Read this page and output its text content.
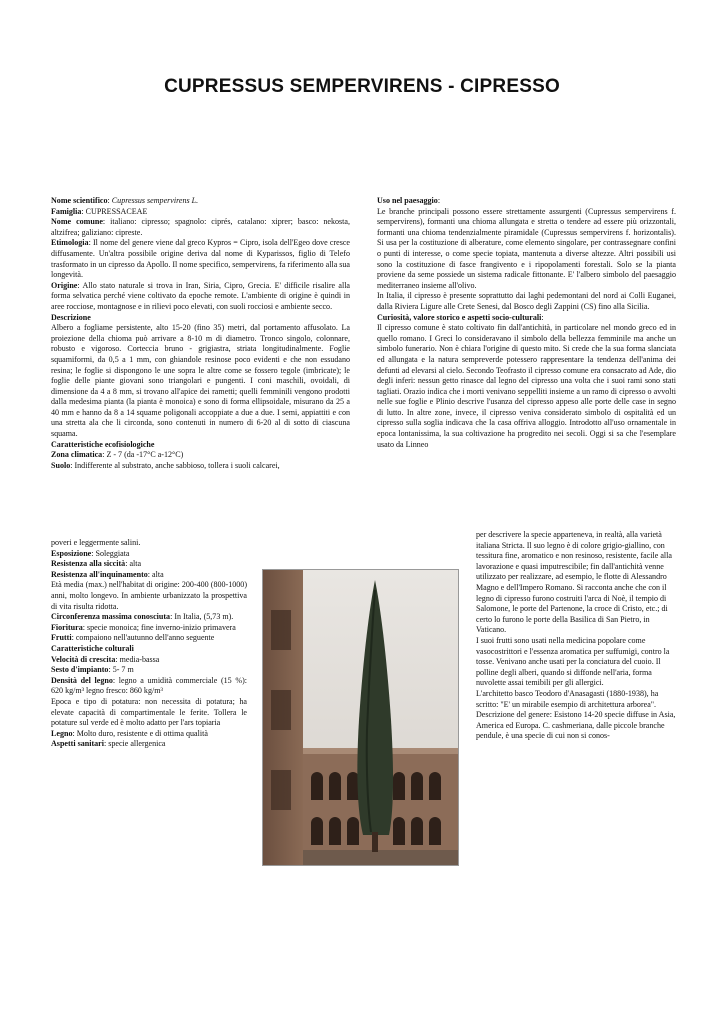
CUPRESSUS SEMPERVIRENS - CIPRESSO

Nome scientifico: Cupressus sempervirens L.

Famiglia: CUPRESSACEAE

Nome comune: italiano: cipresso; spagnolo: ciprés, catalano: xiprer; basco: nekosta, altzifrea; galiziano: cipreste.

Etimologia: Il nome del genere viene dal greco Kypros = Cipro, isola dell'Egeo dove cresce diffusamente. Un'altra possibile origine deriva dal nome di Kyparissos, figlio di Telefo trasformato in un cipresso da Apollo. Il nome specifico, sempervirens, fa riferimento alla sua longevità.

Origine: Allo stato naturale si trova in Iran, Siria, Cipro, Grecia. E' difficile risalire alla forma selvatica perché viene coltivato da epoche remote. L'ambiente di origine è quindi in aree rocciose, montagnose e in rilievi poco elevati, con suoli rocciosi e ambiente secco.

Descrizione

Albero a fogliame persistente, alto 15-20 (fino 35) metri, dal portamento affusolato. La proiezione della chioma può arrivare a 8-10 m di diametro. Tronco singolo, colonnare, robusto e vigoroso. Corteccia bruno - grigiastra, striata longitudinalmente. Foglie squamiformi, da 0,5 a 1 mm, con ghiandole resinose poco evidenti e che non essudano resina; le foglie si dispongono le une sopra le altre come se fossero tegole (imbricate); le foglie delle piante giovani sono triangolari e pungenti. I coni maschili, ovoidali, di dimensione da 4 a 8 mm, si trovano all'apice dei rametti; quelli femminili vengono prodotti dalla medesima pianta (la pianta è monoica) e sono di forma ellipsoidale, misurano da 25 a 40 mm e hanno da 8 a 14 squame poligonali accoppiate a due a due. I semi, appiattiti e con una stretta ala che li circonda, sono contenuti in numero di 6-20 al di sotto di ciascuna squama.

Caratteristiche ecofisiologiche

Zona climatica: Z - 7 (da -17°C a-12°C)

Suolo: Indifferente al substrato, anche sabbioso, tollera i suoli calcarei,

Uso nel paesaggio:

Le branche principali possono essere strettamente assurgenti (Cupressus sempervirens f. sempervirens), formanti una chioma allungata e stretta o tendere ad essere più orizzontali, formanti una chioma tendenzialmente piramidale (Cupressus sempervirens f. horizontalis). Si usa per la costituzione di alberature, come elemento singolare, per contrassegnare confini o punti di interesse, o come specie topiata, mantenuta a diverse altezze. Altri possibili usi sono la costituzione di fasce frangivento e i ripopolamenti forestali. Solo se la pianta proviene da seme possiede un sistema radicale fittonante. E' l'albero simbolo del paesaggio mediterraneo insieme all'olivo.

In Italia, il cipresso è presente soprattutto dai laghi pedemontani del nord ai Colli Euganei, dalla Riviera Ligure alle Crete Senesi, dal Bosco degli Zappini (CS) fino alla Sicilia.

Curiosità, valore storico e aspetti socio-culturali:

Il cipresso comune è stato coltivato fin dall'antichità, in particolare nel mondo greco ed in quello romano. I Greci lo consideravano il simbolo della bellezza femminile ma anche un simbolo funerario. Non è chiara l'origine di questo mito. Si crede che la sua forma slanciata ed allungata e la natura sempreverde potessero rappresentare la tendenza dell'anima dei defunti ad elevarsi al cielo. Secondo Teofrasto il cipresso comune era consacrato ad Ade, dio degli inferi: nessun getto rinasce dal legno del cipresso una volta che i suoi rami sono stati tagliati. Orazio indica che i morti venivano seppelliti insieme a un ramo di cipresso o avvolti nelle sue foglie e Plinio descrive l'usanza del cipresso appeso alle porte delle case in segno di lutto. In altre zone, invece, il cipresso veniva considerato simbolo di ospitalità ed un cipresso sulla soglia indicava che la casa offriva alloggio. Introdotto all'uso ornamentale in epoca lontanissima, la sua coltivazione ha progredito nei secoli. Oggi si sa che l'esemplare usato da Linneo

poveri e leggermente salini.

Esposizione: Soleggiata

Resistenza alla siccità: alta

Resistenza all'inquinamento: alta

Età media (max.) nell'habitat di origine: 200-400 (800-1000) anni, molto longevo. In ambiente urbanizzato la prospettiva di vita risulta ridotta.

Circonferenza massima conosciuta: In Italia, (5,73 m).

Fioritura: specie monoica; fine inverno-inizio primavera

Frutti: compaiono nell'autunno dell'anno seguente

Caratteristiche colturali

Velocità di crescita: media-bassa

Sesto d'impianto: 5- 7 m

Densità del legno: legno a umidità commerciale (15 %): 620 kg/m³ legno fresco: 860 kg/m³

Epoca e tipo di potatura: non necessita di potatura; ha elevate capacità di compartimentale le ferite. Tollera le potature sul verde ed è molto adatto per l'ars topiaria

Legno: Molto duro, resistente e di ottima qualità

Aspetti sanitari: specie allergenica

per descrivere la specie apparteneva, in realtà, alla varietà italiana Stricta. Il suo legno è di colore grigio-giallino, con tessitura fine, aromatico e non resinoso, resistente, facile alla lavorazione e quasi imputrescibile; fin dall'antichità venne utilizzato per realizzare, ad esempio, le flotte di Alessandro Magno e dell'Impero Romano. Si racconta anche che con il legno di cipresso furono costruiti l'arca di Noè, il tempio di Salomone, le porte del Partenone, la croce di Cristo, etc.; di certo lo furono le porte della Basilica di San Pietro, in Vaticano.

I suoi frutti sono usati nella medicina popolare come vasocostrittori e l'essenza aromatica per suffumigi, contro la tosse. Venivano anche usati per la conciatura del cuoio. Il polline degli alberi, quando si diffonde nell'aria, forma nuvolette assai temibili per gli allergici.

L'architetto basco Teodoro d'Anasagasti (1880-1938), ha scritto: "E' un mirabile esempio di architettura arborea". Descrizione del genere: Esistono 14-20 specie diffuse in Asia, America ed Europa. C. cashmeriana, dalle piccole branche pendule, è una specie di cui non si conos-
